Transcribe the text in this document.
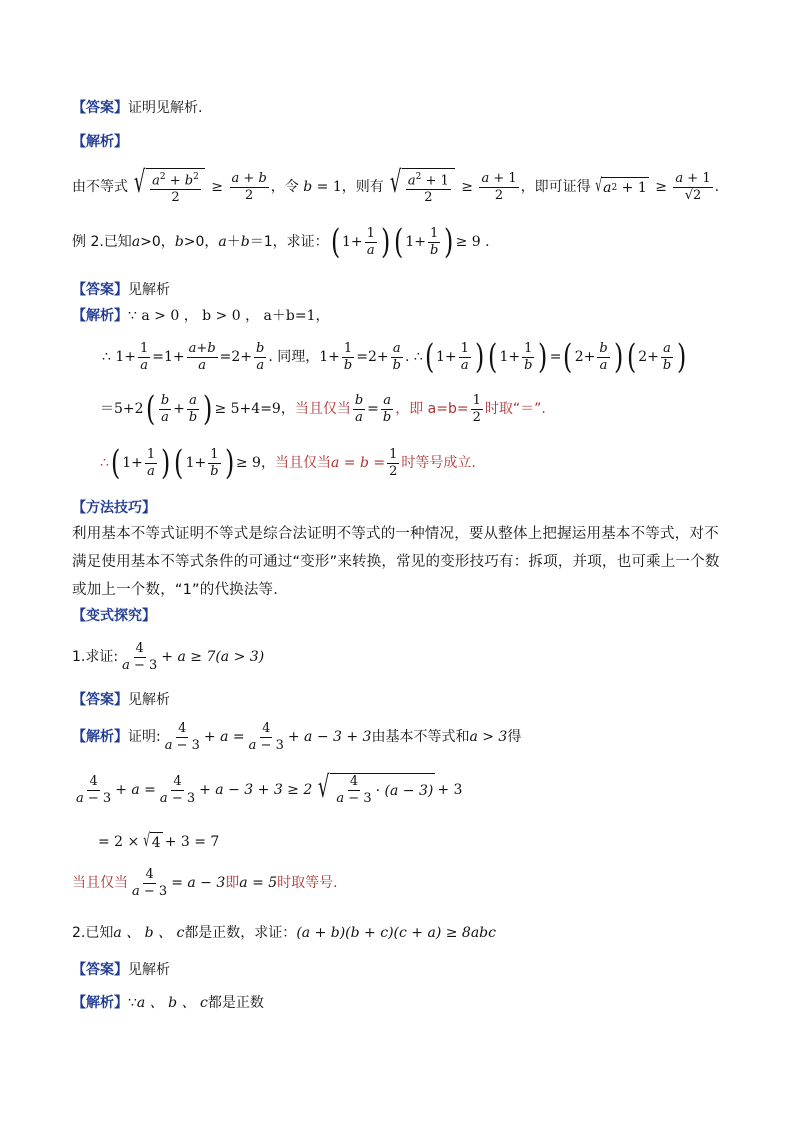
【答案】证明见解析.
【解析】
由不等式 √ $\frac{a^2 + b^2}{2} \ge \frac{a + b}{2}$ ，令 b = 1 ，则有 √ $\frac{a^2 + 1}{2} \ge \frac{a + 1}{2}$ ，即可证得 √ a $2 + 1 \ge \frac{a + 1}{√2}$ .
例 2.已知 a >0， b >0， a ＋ b ＝1，求证： ( $1+ \frac{1}{a}$ ) ( $1+ \frac{1}{b}$ ) ≥ 9 .
【答案】见解析
【解析】∵ a > 0 ， b > 0 ， a＋b=1，
∴ $1+ \frac{1}{a} =1+ \frac{a+b}{a} =2+ \frac{b}{a}$ . 同理，$1+ \frac{1}{b} =2+ \frac{a}{b}$ . ∴ ( $1+ \frac{1}{a}$ ) ( $1+ \frac{1}{b}$ ) = ( $2+ \frac{b}{a}$ ) ( $2+ \frac{a}{b}$ )
＝5+2 ( $\frac{b}{a} + \frac{a}{b}$ ) ≥ 5+4=9， 当且仅当 $\frac{b}{a} = \frac{a}{b}$ ，即 $a=b= \frac{1}{2}$ 时取“＝”.
∴ ( $1+ \frac{1}{a}$ ) ( $1+ \frac{1}{b}$ ) ≥ 9， 当且仅当 $a = b = \frac{1}{2}$ 时等号成立.
【方法技巧】
利用基本不等式证明不等式是综合法证明不等式的一种情况，要从整体上把握运用基本不等式，对不满足使用基本不等式条件的可通过“变形”来转换，常见的变形技巧有：拆项，并项，也可乘上一个数或加上一个数，“1”的代换法等．
【变式探究】
1.求证: $\frac{4}{a - 3} + a \ge 7(a > 3)$
【答案】见解析
【解析】 证明: $\frac{4}{a - 3} + a = \frac{4}{a - 3} + a - 3 + 3$ 由基本不等式和 a > 3 得
$\frac{4}{a - 3} + a = \frac{4}{a - 3} + a - 3 + 3 \ge 2$ √ $\frac{4}{a - 3} \cdot (a - 3) + 3$
= 2 × √ 4 + 3 = 7
当且仅当 $\frac{4}{a - 3} = a - 3$ 即 a = 5 时取等号.
2.已知 a 、 b 、 c 都是正数，求证： (a + b)(b + c)(c + a) ≥ 8abc
【答案】见解析
【解析】 ∵ a 、 b 、 c 都是正数
